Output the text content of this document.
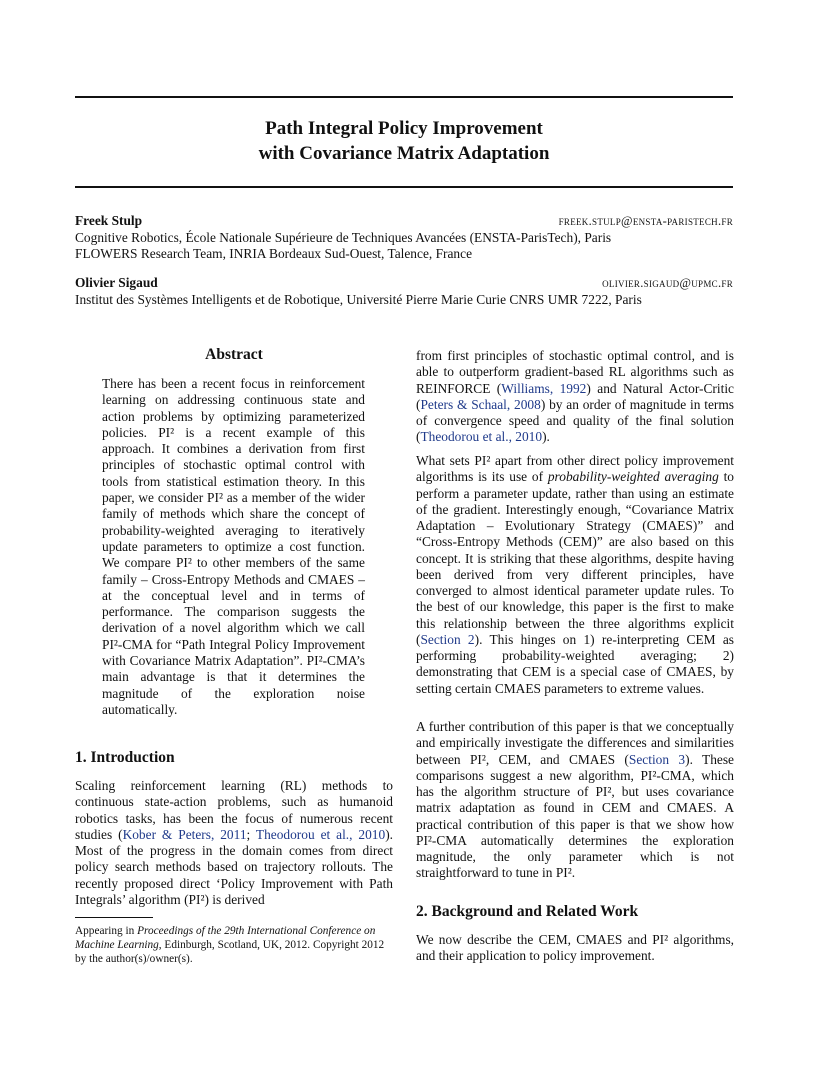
Path Integral Policy Improvement
with Covariance Matrix Adaptation
Freek Stulp	freek.stulp@ensta-paristech.fr
Cognitive Robotics, École Nationale Supérieure de Techniques Avancées (ENSTA-ParisTech), Paris
FLOWERS Research Team, INRIA Bordeaux Sud-Ouest, Talence, France
Olivier Sigaud	olivier.sigaud@upmc.fr
Institut des Systèmes Intelligents et de Robotique, Université Pierre Marie Curie CNRS UMR 7222, Paris
Abstract

There has been a recent focus in reinforcement learning on addressing continuous state and action problems by optimizing parameterized policies. PI² is a recent example of this approach. It combines a derivation from first principles of stochastic optimal control with tools from statistical estimation theory. In this paper, we consider PI² as a member of the wider family of methods which share the concept of probability-weighted averaging to iteratively update parameters to optimize a cost function. We compare PI² to other members of the same family – Cross-Entropy Methods and CMAES – at the conceptual level and in terms of performance. The comparison suggests the derivation of a novel algorithm which we call PI²-CMA for “Path Integral Policy Improvement with Covariance Matrix Adaptation”. PI²-CMA’s main advantage is that it determines the magnitude of the exploration noise automatically.

1. Introduction

Scaling reinforcement learning (RL) methods to continuous state-action problems, such as humanoid robotics tasks, has been the focus of numerous recent studies (Kober & Peters, 2011; Theodorou et al., 2010). Most of the progress in the domain comes from direct policy search methods based on trajectory rollouts. The recently proposed direct ‘Policy Improvement with Path Integrals’ algorithm (PI²) is derived

Appearing in Proceedings of the 29th International Conference on Machine Learning, Edinburgh, Scotland, UK, 2012. Copyright 2012 by the author(s)/owner(s).

from first principles of stochastic optimal control, and is able to outperform gradient-based RL algorithms such as REINFORCE (Williams, 1992) and Natural Actor-Critic (Peters & Schaal, 2008) by an order of magnitude in terms of convergence speed and quality of the final solution (Theodorou et al., 2010).

What sets PI² apart from other direct policy improvement algorithms is its use of probability-weighted averaging to perform a parameter update, rather than using an estimate of the gradient. Interestingly enough, “Covariance Matrix Adaptation – Evolutionary Strategy (CMAES)” and “Cross-Entropy Methods (CEM)” are also based on this concept. It is striking that these algorithms, despite having been derived from very different principles, have converged to almost identical parameter update rules. To the best of our knowledge, this paper is the first to make this relationship between the three algorithms explicit (Section 2). This hinges on 1) re-interpreting CEM as performing probability-weighted averaging; 2) demonstrating that CEM is a special case of CMAES, by setting certain CMAES parameters to extreme values.

A further contribution of this paper is that we conceptually and empirically investigate the differences and similarities between PI², CEM, and CMAES (Section 3). These comparisons suggest a new algorithm, PI²-CMA, which has the algorithm structure of PI², but uses covariance matrix adaptation as found in CEM and CMAES. A practical contribution of this paper is that we show how PI²-CMA automatically determines the exploration magnitude, the only parameter which is not straightforward to tune in PI².

2. Background and Related Work

We now describe the CEM, CMAES and PI² algorithms, and their application to policy improvement.
